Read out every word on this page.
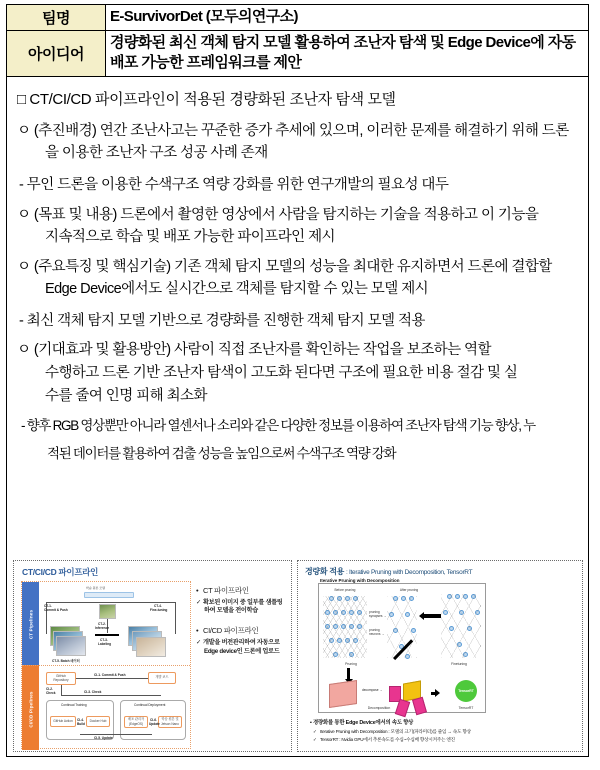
팀명	E-SurvivorDet (모두의연구소)
아이디어	경량화된 최신 객체 탐지 모델 활용하여 조난자 탐색 및 Edge Device에 자동 배포 가능한 프레임워크를 제안
□ CT/CI/CD 파이프라인이 적용된 경량화된 조난자 탐색 모델
ㅇ (추진배경) 연간 조난사고는 꾸준한 증가 추세에 있으며, 이러한 문제를 해결하기 위해 드론
을 이용한 조난자 구조 성공 사례 존재
- 무인 드론을 이용한 수색구조 역량 강화를 위한 연구개발의 필요성 대두
ㅇ (목표 및 내용) 드론에서 촬영한 영상에서 사람을 탐지하는 기술을 적용하고 이 기능을
지속적으로 학습 및 배포 가능한 파이프라인 제시
ㅇ (주요특징 및 핵심기술) 기존 객체 탐지 모델의 성능을 최대한 유지하면서 드론에 결합할
Edge Device에서도 실시간으로 객체를 탐지할 수 있는 모델 제시
- 최신 객체 탐지 모델 기반으로 경량화를 진행한 객체 탐지 모델 적용
ㅇ (기대효과 및 활용방안) 사람이 직접 조난자를 확인하는 작업을 보조하는 역할
수행하고 드론 기반 조난자 탐색이 고도화 된다면 구조에 필요한 비용 절감 및 실
수를 줄여 인명 피해 최소화
- 향후 RGB 영상뿐만 아니라 열센서나 소리와 같은 다양한 정보를 이용하여 조난자 탐색 기능 향상, 누
적된 데이터를 활용하여 검출 성능을 높임으로써 수색구조 역량 강화
CT/CI/CD 파이프라인
CT Pipelines
CI/CD Pipelines
학습 원본 모델
CT-1.
Commit & Push
CT-2.
Inference
CT-3.
Labeling
CT-4.
Fine-tuning
CT-5. Batch 데이터
GitHub
Repository
개발 코드
CI-1. Commit & Push
CI-2.
Check	CI-3. Check
Continual Training
GitHub Action	Docker Hub
CI-4.
Build
Continual Deployment
배포 관리자
(EdgeOS)
학습 원본 및
Jetson Nano
CI-6.
Update
CI-5. Update
• CT 파이프라인
✓ 확보된 이미지 중 일부를 샘플링하여 모델을 전이학습
• CI/CD 파이프라인
✓ 개발을 버전관리하여 자동으로 Edge device인 드론에 업로드
경량화 적용 : Iterative Pruning with Decomposition, TensorRT
Iterative Pruning with Decomposition
Before pruning
pruning
synapses →
pruning
neurons →
After pruning
Finetuning
Pruning
decompose →
Decomposition
TensorRT
TensorRT
▪ 경량화를 통한 Edge Device에서의 속도 향상
✓ Iterative Pruning with Decomposition : 모델의 크기(파라미터)를 줄임 → 속도 향상
✓ TensorRT : Nvidia GPU에서 추론속도를 수십~수십배 향상시켜주는 엔진
